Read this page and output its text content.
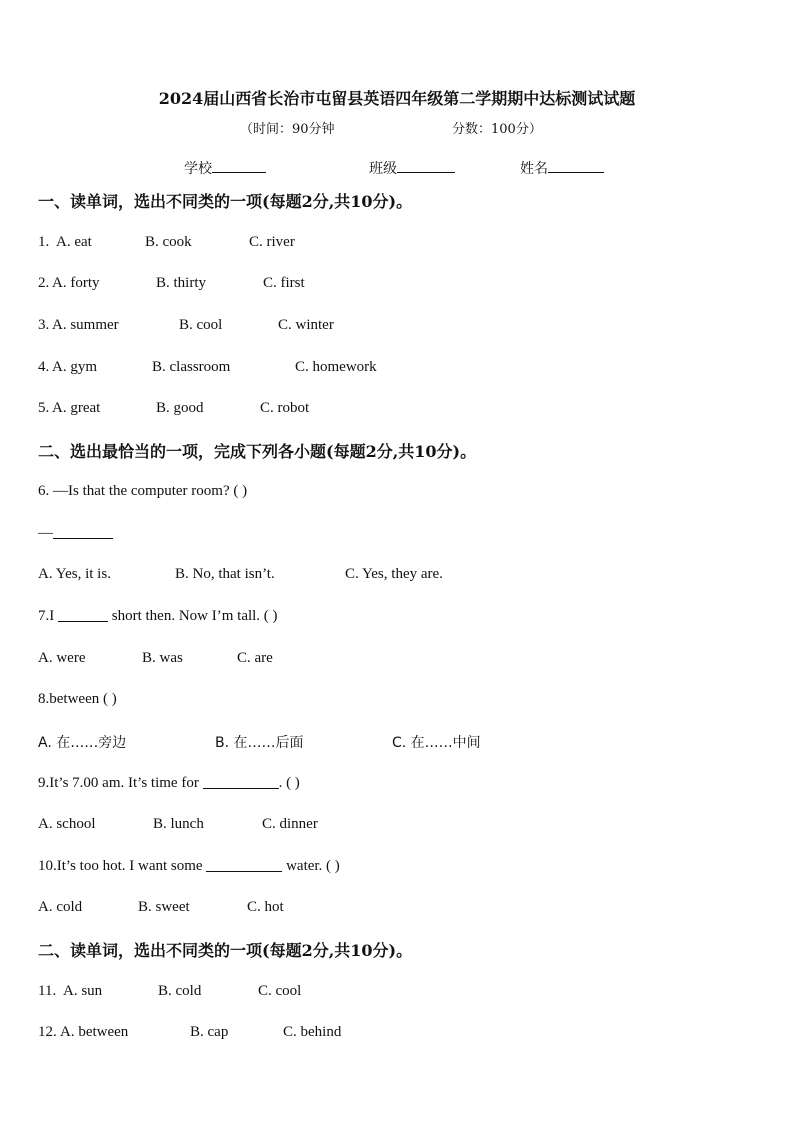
2024届山西省长治市屯留县英语四年级第二学期期中达标测试试题
（时间：90分钟	分数：100分）
学校	班级	姓名
一、读单词，选出不同类的一项(每题2分,共10分)。
1. A. eat	B. cook	C. river
2. A. forty	B. thirty	C. first
3. A. summer	B. cool	C. winter
4. A. gym	B. classroom	C. homework
5. A. great	B. good	C. robot
二、选出最恰当的一项，完成下列各小题(每题2分,共10分)。
6. —Is that the computer room? ( )
—
A. Yes, it is.	B. No, that isn’t.	C. Yes, they are.
7.I	short then. Now I’m tall. ( )
A. were	B. was	C. are
8.between ( )
A. 在……旁边	B. 在……后面	C. 在……中间
9.It’s 7.00 am. It’s time for	. ( )
A. school	B. lunch	C. dinner
10.It’s too hot. I want some	water. ( )
A. cold	B. sweet	C. hot
二、读单词，选出不同类的一项(每题2分,共10分)。
11. A. sun	B. cold	C. cool
12. A. between	B. cap	C. behind
